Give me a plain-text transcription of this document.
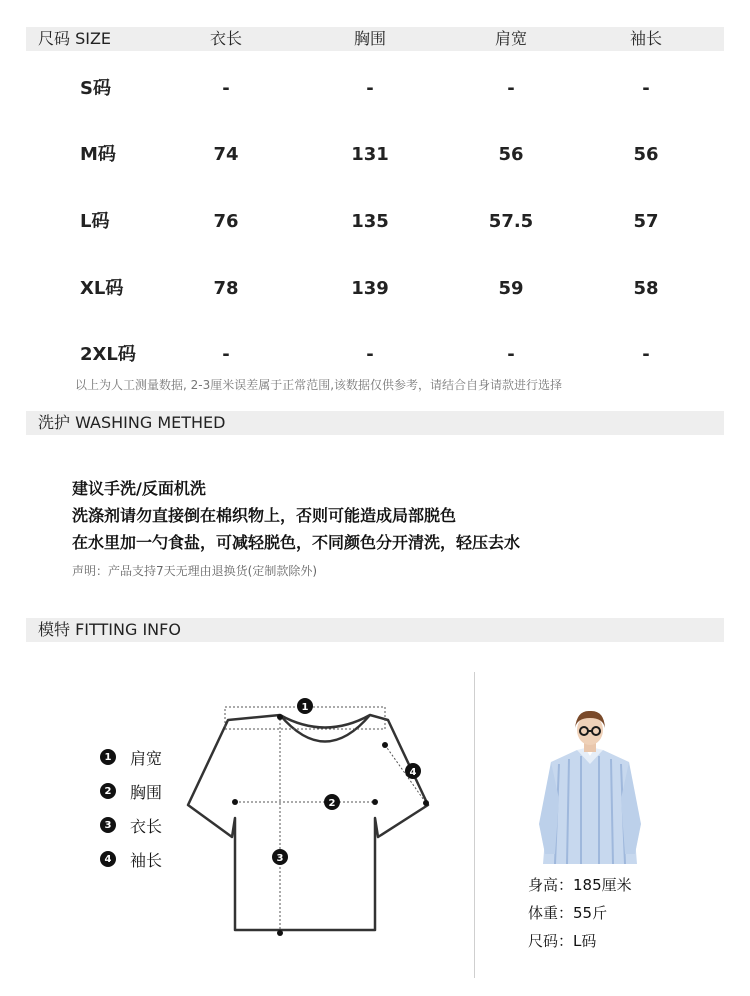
尺码 SIZE	衣长	胸围	肩宽	袖长
S码	-	-	-	-
M码	74	131	56	56
L码	76	135	57.5	57
XL码	78	139	59	58
2XL码	-	-	-	-
以上为人工测量数据, 2-3厘米误差属于正常范围,该数据仅供参考，请结合自身请款进行选择
洗护 WASHING METHED
建议手洗/反面机洗
洗涤剂请勿直接倒在棉织物上，否则可能造成局部脱色
在水里加一勺食盐，可减轻脱色，不同颜色分开清洗，轻压去水
声明：产品支持7天无理由退换货(定制款除外)
模特 FITTING INFO
1 肩宽
2 胸围
3 衣长
4 袖长
1
2
3
4
身高：185厘米
体重：55斤
尺码：L码
